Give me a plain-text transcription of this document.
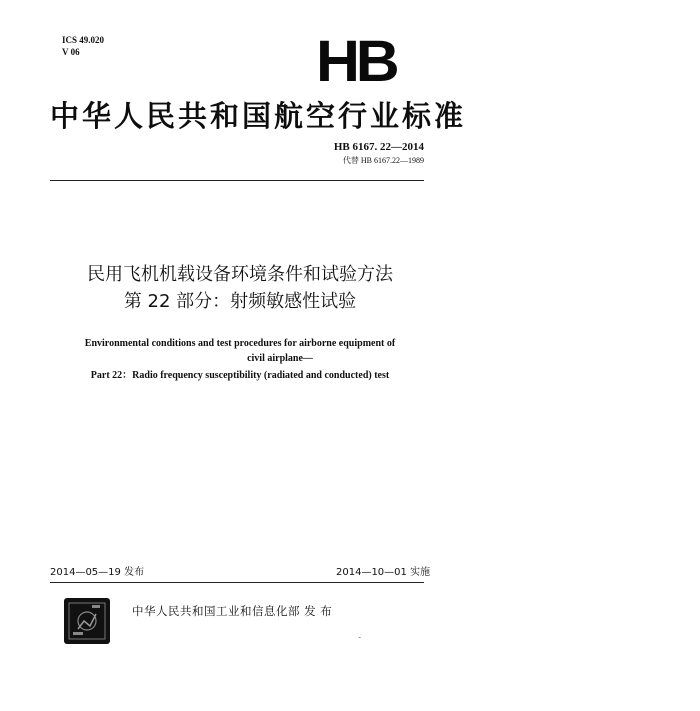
ICS 49.020
V 06	HB
中华人民共和国航空行业标准
HB 6167. 22—2014
代替 HB 6167.22—1989
民用飞机机载设备环境条件和试验方法
第 22 部分：射频敏感性试验
Environmental conditions and test procedures for airborne equipment of
civil airplane—
Part 22：Radio frequency susceptibility (radiated and conducted) test
2014—05—19 发布	2014—10—01 实施
中华人民共和国工业和信息化部 发 布
`
